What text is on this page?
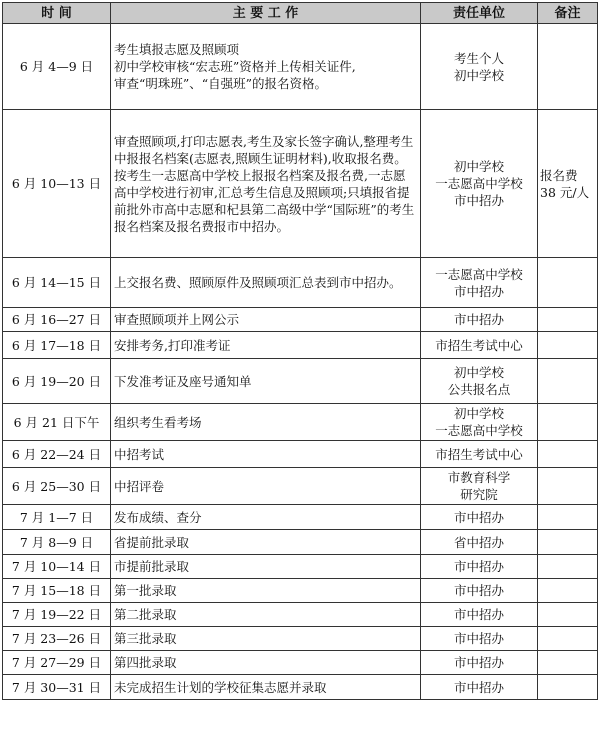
时 间	主 要 工 作	责任单位	备注
6 月 4—9 日	考生填报志愿及照顾项
初中学校审核“宏志班”资格并上传相关证件,
审查“明珠班”、“自强班”的报名资格。	考生个人
初中学校	

6 月 10—13 日	审查照顾项,打印志愿表,考生及家长签字确认,整理考生中报报名档案(志愿表,照顾生证明材料),收取报名费。
按考生一志愿高中学校上报报名档案及报名费,一志愿高中学校进行初审,汇总考生信息及照顾项;只填报省提前批外市高中志愿和杞县第二高级中学“国际班”的考生报名档案及报名费报市中招办。	初中学校
一志愿高中学校
市中招办	报名费 38 元/人
6 月 14—15 日	上交报名费、照顾原件及照顾项汇总表到市中招办。	一志愿高中学校
市中招办	

6 月 16—27 日	审查照顾项并上网公示	市中招办	

6 月 17—18 日	安排考务,打印准考证	市招生考试中心	

6 月 19—20 日	下发准考证及座号通知单	初中学校
公共报名点	

6 月 21 日下午	组织考生看考场	初中学校
一志愿高中学校	

6 月 22—24 日	中招考试	市招生考试中心	

6 月 25—30 日	中招评卷	市教育科学
研究院	

7 月 1—7 日	发布成绩、查分	市中招办	

7 月 8—9 日	省提前批录取	省中招办	

7 月 10—14 日	市提前批录取	市中招办	

7 月 15—18 日	第一批录取	市中招办	

7 月 19—22 日	第二批录取	市中招办	

7 月 23—26 日	第三批录取	市中招办	

7 月 27—29 日	第四批录取	市中招办	

7 月 30—31 日	未完成招生计划的学校征集志愿并录取	市中招办	
